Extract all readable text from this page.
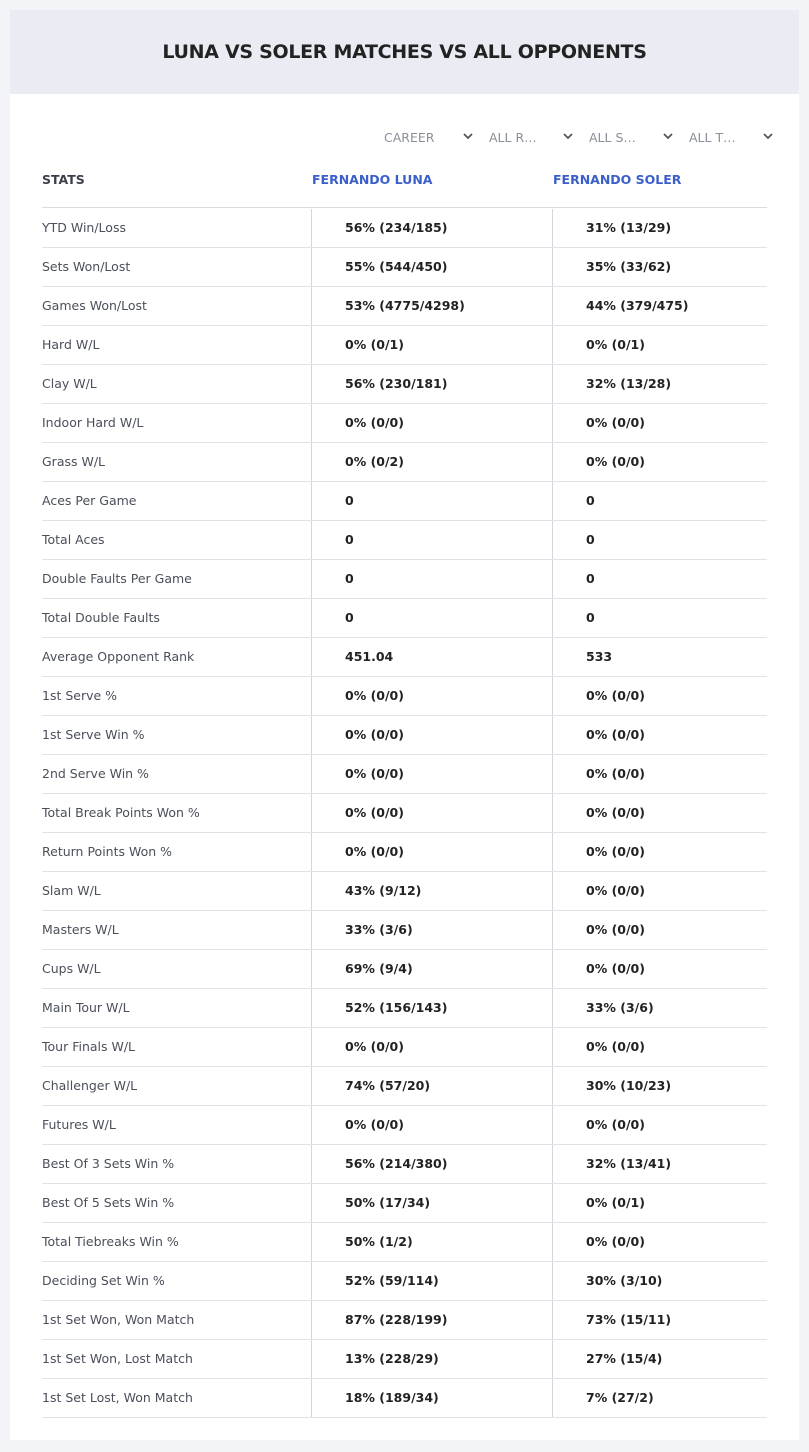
LUNA VS SOLER MATCHES VS ALL OPPONENTS
CAREER	ALL R…	ALL S…	ALL T…
STATS	FERNANDO LUNA	FERNANDO SOLER
YTD Win/Loss	56% (234/185)	31% (13/29)
Sets Won/Lost	55% (544/450)	35% (33/62)
Games Won/Lost	53% (4775/4298)	44% (379/475)
Hard W/L	0% (0/1)	0% (0/1)
Clay W/L	56% (230/181)	32% (13/28)
Indoor Hard W/L	0% (0/0)	0% (0/0)
Grass W/L	0% (0/2)	0% (0/0)
Aces Per Game	0	0
Total Aces	0	0
Double Faults Per Game	0	0
Total Double Faults	0	0
Average Opponent Rank	451.04	533
1st Serve %	0% (0/0)	0% (0/0)
1st Serve Win %	0% (0/0)	0% (0/0)
2nd Serve Win %	0% (0/0)	0% (0/0)
Total Break Points Won %	0% (0/0)	0% (0/0)
Return Points Won %	0% (0/0)	0% (0/0)
Slam W/L	43% (9/12)	0% (0/0)
Masters W/L	33% (3/6)	0% (0/0)
Cups W/L	69% (9/4)	0% (0/0)
Main Tour W/L	52% (156/143)	33% (3/6)
Tour Finals W/L	0% (0/0)	0% (0/0)
Challenger W/L	74% (57/20)	30% (10/23)
Futures W/L	0% (0/0)	0% (0/0)
Best Of 3 Sets Win %	56% (214/380)	32% (13/41)
Best Of 5 Sets Win %	50% (17/34)	0% (0/1)
Total Tiebreaks Win %	50% (1/2)	0% (0/0)
Deciding Set Win %	52% (59/114)	30% (3/10)
1st Set Won, Won Match	87% (228/199)	73% (15/11)
1st Set Won, Lost Match	13% (228/29)	27% (15/4)
1st Set Lost, Won Match	18% (189/34)	7% (27/2)
